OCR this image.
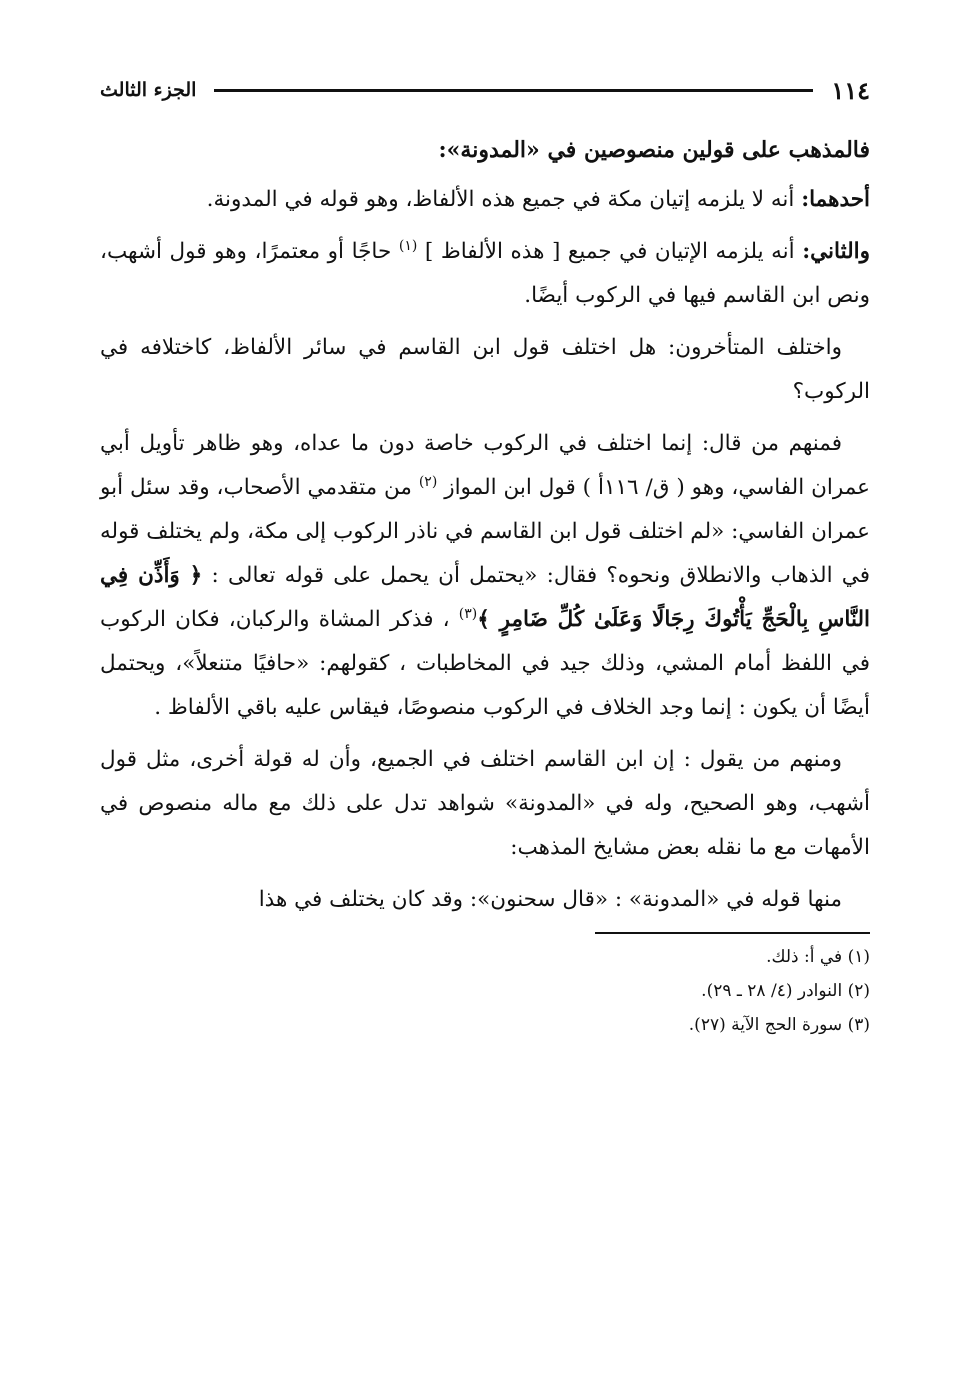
١١٤
الجزء الثالث

فالمذهب على قولين منصوصين في «المدونة»:

أحدهما: أنه لا يلزمه إتيان مكة في جميع هذه الألفاظ، وهو قوله في المدونة.

والثاني: أنه يلزمه الإتيان في جميع [ هذه الألفاظ ] $^{(١)}$ حاجًا أو معتمرًا، وهو قول أشهب، ونص ابن القاسم فيها في الركوب أيضًا.

واختلف المتأخرون: هل اختلف قول ابن القاسم في سائر الألفاظ، كاختلافه في الركوب؟

فمنهم من قال: إنما اختلف في الركوب خاصة دون ما عداه، وهو ظاهر تأويل أبي عمران الفاسي، وهو ( ق/ ١١٦أ ) قول ابن المواز $^{(٢)}$ من متقدمي الأصحاب، وقد سئل أبو عمران الفاسي: «لم اختلف قول ابن القاسم في ناذر الركوب إلى مكة، ولم يختلف قوله في الذهاب والانطلاق ونحوه؟ فقال: «يحتمل أن يحمل على قوله تعالى : ﴿ وَأَذِّن فِي النَّاسِ بِالْحَجِّ يَأْتُوكَ رِجَالًا وَعَلَىٰ كُلِّ ضَامِرٍ ﴾$^{(٣)}$ ، فذكر المشاة والركبان، فكان الركوب في اللفظ أمام المشي، وذلك جيد في المخاطبات ، كقولهم: «حافيًا متنعلاً»، ويحتمل أيضًا أن يكون : إنما وجد الخلاف في الركوب منصوصًا، فيقاس عليه باقي الألفاظ .

ومنهم من يقول : إن ابن القاسم اختلف في الجميع، وأن له قولة أخرى، مثل قول أشهب، وهو الصحيح، وله في «المدونة» شواهد تدل على ذلك مع ماله منصوص في الأمهات مع ما نقله بعض مشايخ المذهب:

منها قوله في «المدونة» : «قال سحنون»: وقد كان يختلف في هذا

(١) في أ: ذلك.
(٢) النوادر (٤/ ٢٨ ـ ٢٩).
(٣) سورة الحج الآية (٢٧).
